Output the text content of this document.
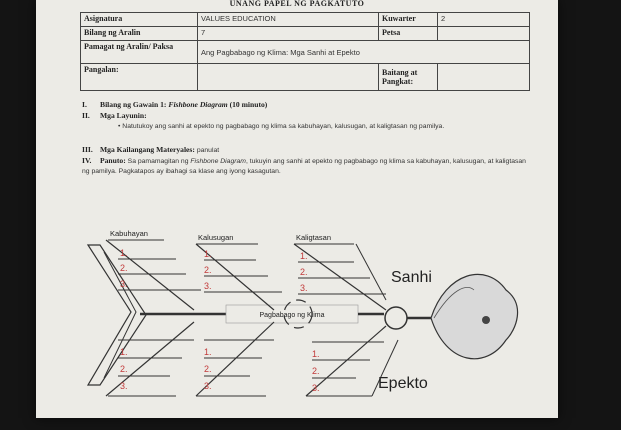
UNANG PAPEL NG PAGKATUTO
Asignatura	VALUES EDUCATION	Kuwarter	2
Bilang ng Aralin	7	Petsa	
Pamagat ng Aralin/ Paksa	Ang Pagbabago ng Klima: Mga Sanhi at Epekto		
Pangalan:		Baitang at Pangkat:	

I. Bilang ng Gawain 1: Fishbone Diagram (10 minuto)
II. Mga Layunin:
• Natutukoy ang sanhi at epekto ng pagbabago ng klima sa kabuhayan, kalusugan, at kaligtasan ng pamilya.
III. Mga Kailangang Materyales: panulat
IV. Panuto: Sa pamamagitan ng Fishbone Diagram, tukuyin ang sanhi at epekto ng pagbabago ng klima sa kabuhayan, kalusugan, at kaligtasan ng pamilya. Pagkatapos ay ibahagi sa klase ang iyong kasagutan.
Pagbabago ng Klima
Kabuhayan	Kalusugan	Kaligtasan
1.
2.
3.
1.
2.
3.
1.
2.
3.
1.
2.
3.
1.
2.
3.
1.
2.
3.
Sanhi
Epekto
